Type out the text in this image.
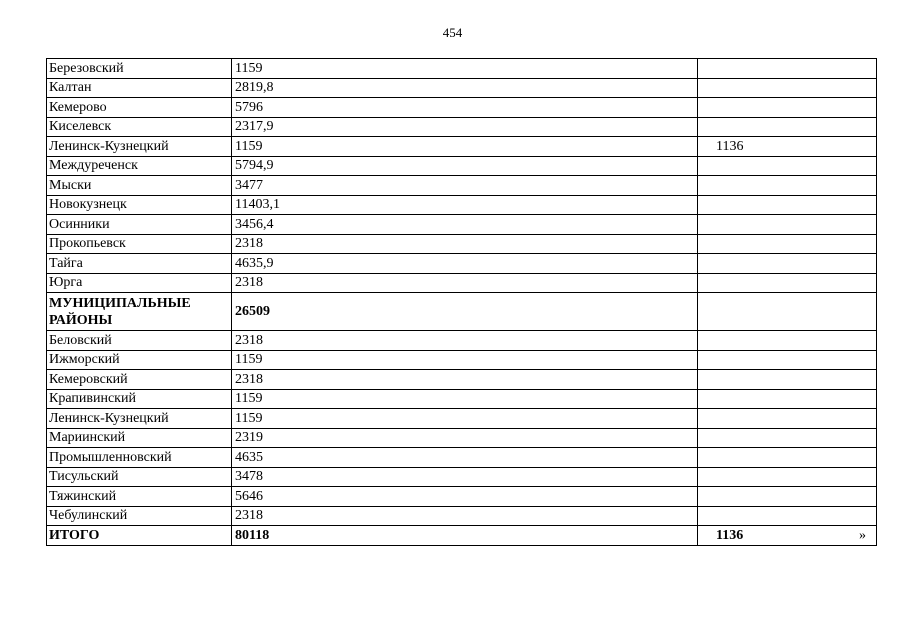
454
Березовский	1159	
Калтан	2819,8	
Кемерово	5796	
Киселевск	2317,9	
Ленинск-Кузнецкий	1159	1136
Междуреченск	5794,9	
Мыски	3477	
Новокузнецк	11403,1	
Осинники	3456,4	
Прокопьевск	2318	
Тайга	4635,9	
Юрга	2318	
МУНИЦИПАЛЬНЫЕ РАЙОНЫ	26509	
Беловский	2318	
Ижморский	1159	
Кемеровский	2318	
Крапивинский	1159	
Ленинск-Кузнецкий	1159	
Мариинский	2319	
Промышленновский	4635	
Тисульский	3478	
Тяжинский	5646	
Чебулинский	2318	
ИТОГО	80118	1136	»
